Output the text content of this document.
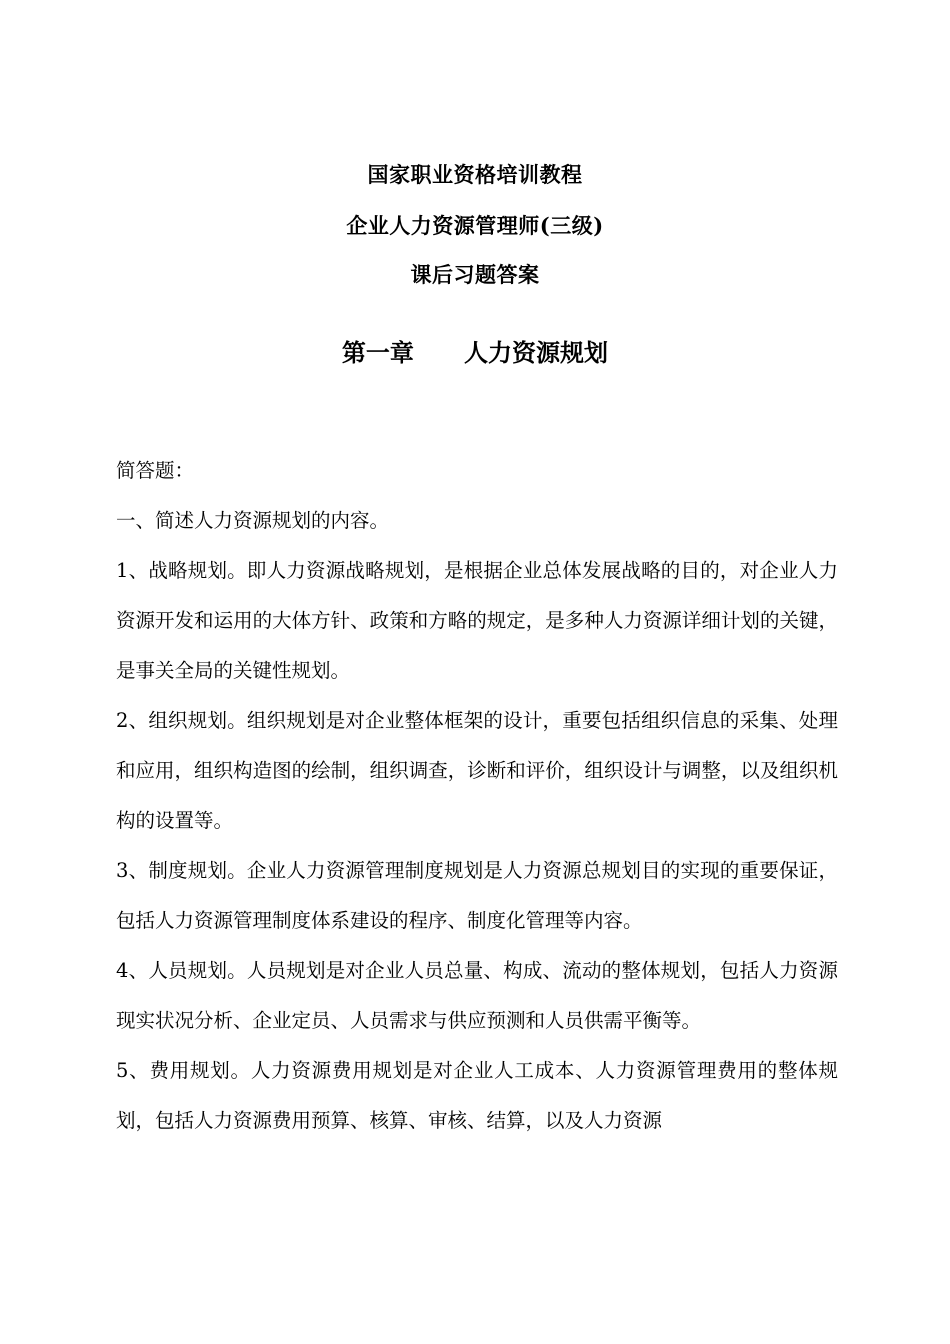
国家职业资格培训教程
企业人力资源管理师(三级)
课后习题答案
第一章      人力资源规划

简答题：

一、简述人力资源规划的内容。

1、战略规划。即人力资源战略规划，是根据企业总体发展战略的目的，对企业人力资源开发和运用的大体方针、政策和方略的规定，是多种人力资源详细计划的关键，是事关全局的关键性规划。

2、组织规划。组织规划是对企业整体框架的设计，重要包括组织信息的采集、处理和应用，组织构造图的绘制，组织调查，诊断和评价，组织设计与调整，以及组织机构的设置等。

3、制度规划。企业人力资源管理制度规划是人力资源总规划目的实现的重要保证，包括人力资源管理制度体系建设的程序、制度化管理等内容。

4、人员规划。人员规划是对企业人员总量、构成、流动的整体规划，包括人力资源现实状况分析、企业定员、人员需求与供应预测和人员供需平衡等。

5、费用规划。人力资源费用规划是对企业人工成本、人力资源管理费用的整体规划，包括人力资源费用预算、核算、审核、结算，以及人力资源
